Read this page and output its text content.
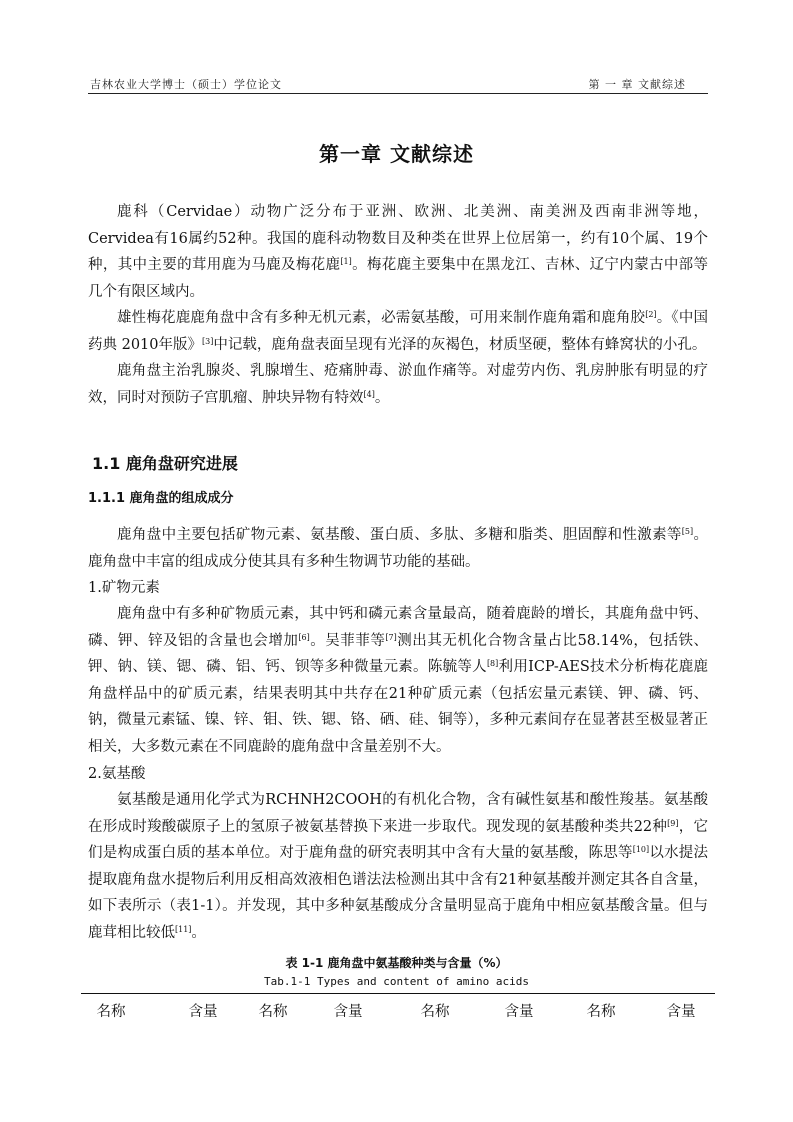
吉林农业大学博士（硕士）学位论文	第 一 章 文献综述
第一章 文献综述

鹿科（Cervidae）动物广泛分布于亚洲、欧洲、北美洲、南美洲及西南非洲等地，Cervidea有16属约52种。我国的鹿科动物数目及种类在世界上位居第一，约有10个属、19个种，其中主要的茸用鹿为马鹿及梅花鹿[1]。梅花鹿主要集中在黑龙江、吉林、辽宁内蒙古中部等几个有限区域内。

雄性梅花鹿鹿角盘中含有多种无机元素，必需氨基酸，可用来制作鹿角霜和鹿角胶[2]。《中国药典 2010年版》[3]中记载，鹿角盘表面呈现有光泽的灰褐色，材质坚硬，整体有蜂窝状的小孔。

鹿角盘主治乳腺炎、乳腺增生、疮痛肿毒、淤血作痛等。对虚劳内伤、乳房肿胀有明显的疗效，同时对预防子宫肌瘤、肿块异物有特效[4]。

1.1 鹿角盘研究进展
1.1.1 鹿角盘的组成成分

鹿角盘中主要包括矿物元素、氨基酸、蛋白质、多肽、多糖和脂类、胆固醇和性激素等[5]。鹿角盘中丰富的组成成分使其具有多种生物调节功能的基础。

1.矿物元素

鹿角盘中有多种矿物质元素，其中钙和磷元素含量最高，随着鹿龄的增长，其鹿角盘中钙、磷、钾、锌及铝的含量也会增加[6]。吴菲菲等[7]测出其无机化合物含量占比58.14%，包括铁、钾、钠、镁、锶、磷、铝、钙、钡等多种微量元素。陈毓等人[8]利用ICP-AES技术分析梅花鹿鹿角盘样品中的矿质元素，结果表明其中共存在21种矿质元素（包括宏量元素镁、钾、磷、钙、钠，微量元素锰、镍、锌、钼、铁、锶、铬、硒、硅、铜等），多种元素间存在显著甚至极显著正相关，大多数元素在不同鹿龄的鹿角盘中含量差别不大。

2.氨基酸

氨基酸是通用化学式为RCHNH2COOH的有机化合物，含有碱性氨基和酸性羧基。氨基酸在形成时羧酸碳原子上的氢原子被氨基替换下来进一步取代。现发现的氨基酸种类共22种[9]，它们是构成蛋白质的基本单位。对于鹿角盘的研究表明其中含有大量的氨基酸，陈思等[10]以水提法提取鹿角盘水提物后利用反相高效液相色谱法法检测出其中含有21种氨基酸并测定其各自含量，如下表所示（表1-1）。并发现，其中多种氨基酸成分含量明显高于鹿角中相应氨基酸含量。但与鹿茸相比较低[11]。

表 1-1 鹿角盘中氨基酸种类与含量（%）
Tab.1-1 Types and content of amino acids
名称	含量	名称	含量	名称	含量	名称	含量
